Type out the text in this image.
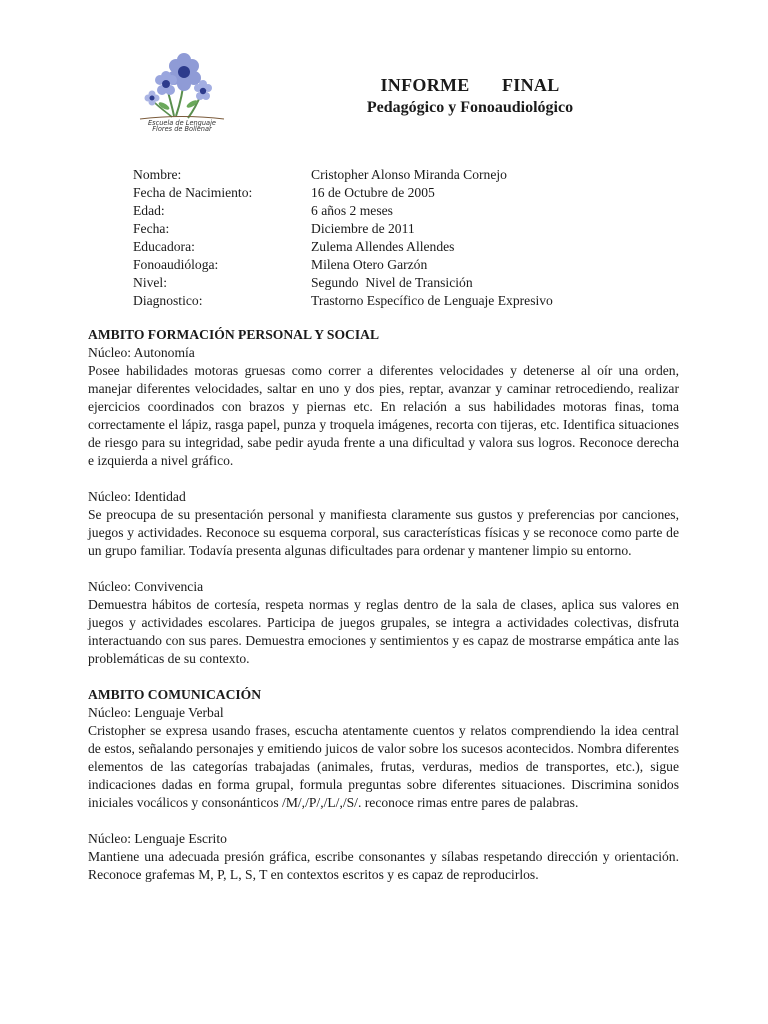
Escuela de Lenguaje
Flores de Bollenar
INFORME   FINAL
Pedagógico y Fonoaudiológico
Nombre:	Cristopher Alonso Miranda Cornejo
Fecha de Nacimiento:	16 de Octubre de 2005
Edad:	6 años 2 meses
Fecha:	Diciembre de 2011
Educadora:	Zulema Allendes Allendes
Fonoaudióloga:	Milena Otero Garzón
Nivel:	Segundo  Nivel de Transición
Diagnostico:	Trastorno Específico de Lenguaje Expresivo
AMBITO FORMACIÓN PERSONAL Y SOCIAL
Núcleo: Autonomía

Posee habilidades motoras gruesas como correr a diferentes velocidades y detenerse al oír una orden, manejar diferentes velocidades, saltar en uno y dos pies, reptar, avanzar y caminar retrocediendo, realizar ejercicios coordinados con brazos y piernas etc. En relación a sus habilidades motoras finas, toma correctamente el lápiz, rasga papel, punza y troquela imágenes, recorta con tijeras, etc. Identifica situaciones de riesgo para su integridad, sabe pedir ayuda frente a una dificultad y valora sus logros. Reconoce derecha e izquierda a nivel gráfico.

Núcleo: Identidad

Se preocupa de su presentación personal y manifiesta claramente sus gustos y preferencias por canciones, juegos y actividades. Reconoce su esquema corporal, sus características físicas y se reconoce como parte de un grupo familiar. Todavía presenta algunas dificultades para ordenar y mantener limpio su entorno.

Núcleo: Convivencia

Demuestra hábitos de cortesía, respeta normas y reglas dentro de la sala de clases, aplica sus valores en juegos y actividades escolares. Participa de juegos grupales, se integra a actividades colectivas, disfruta interactuando con sus pares. Demuestra emociones y sentimientos y es capaz de mostrarse empática ante las problemáticas de su contexto.

AMBITO COMUNICACIÓN
Núcleo: Lenguaje Verbal

Cristopher se expresa usando frases, escucha atentamente cuentos y relatos comprendiendo la idea central de estos, señalando personajes y emitiendo juicos de valor sobre los sucesos acontecidos. Nombra diferentes elementos de las categorías trabajadas (animales, frutas, verduras, medios de transportes, etc.), sigue indicaciones dadas en forma grupal, formula preguntas sobre diferentes situaciones. Discrimina sonidos iniciales vocálicos y consonánticos /M/,/P/,/L/,/S/. reconoce rimas entre pares de palabras.

Núcleo: Lenguaje Escrito

Mantiene una adecuada presión gráfica, escribe consonantes y sílabas respetando dirección y orientación. Reconoce grafemas M, P, L, S, T en contextos escritos y es capaz de reproducirlos.
